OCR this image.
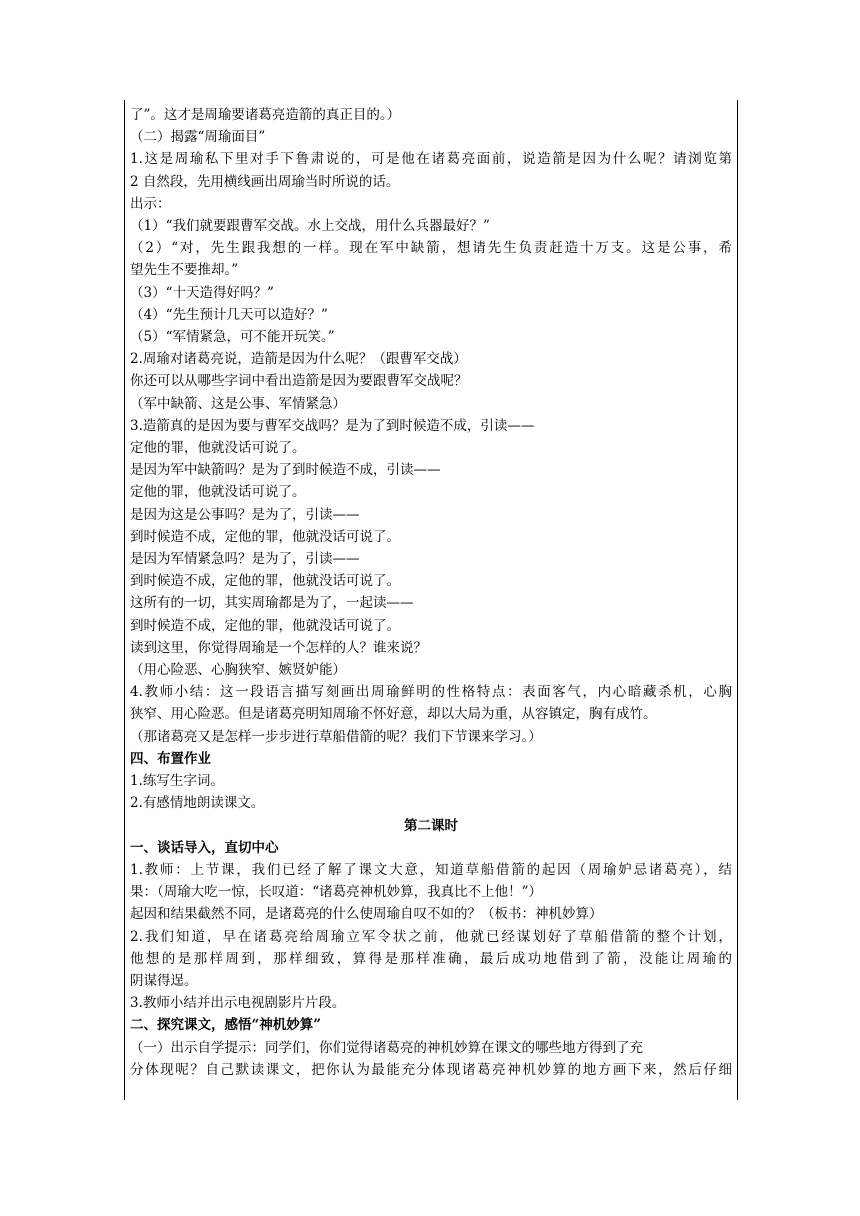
了”。这才是周瑜要诸葛亮造箭的真正目的。）

（二）揭露“周瑜面目”

1.这是周瑜私下里对手下鲁肃说的，可是他在诸葛亮面前，说造箭是因为什么呢？请浏览第

2 自然段，先用横线画出周瑜当时所说的话。

出示：

（1）“我们就要跟曹军交战。水上交战，用什么兵器最好？”

（2）“对，先生跟我想的一样。现在军中缺箭，想请先生负责赶造十万支。这是公事，希

望先生不要推却。”

（3）“十天造得好吗？”

（4）“先生预计几天可以造好？”

（5）“军情紧急，可不能开玩笑。”

2.周瑜对诸葛亮说，造箭是因为什么呢？（跟曹军交战）

你还可以从哪些字词中看出造箭是因为要跟曹军交战呢？

（军中缺箭、这是公事、军情紧急）

3.造箭真的是因为要与曹军交战吗？是为了到时候造不成，引读——

定他的罪，他就没话可说了。

是因为军中缺箭吗？是为了到时候造不成，引读——

定他的罪，他就没话可说了。

是因为这是公事吗？是为了，引读——

到时候造不成，定他的罪，他就没话可说了。

是因为军情紧急吗？是为了，引读——

到时候造不成，定他的罪，他就没话可说了。

这所有的一切，其实周瑜都是为了，一起读——

到时候造不成，定他的罪，他就没话可说了。

读到这里，你觉得周瑜是一个怎样的人？谁来说？

（用心险恶、心胸狭窄、嫉贤妒能）

4.教师小结：这一段语言描写刻画出周瑜鲜明的性格特点：表面客气，内心暗藏杀机，心胸

狭窄、用心险恶。但是诸葛亮明知周瑜不怀好意，却以大局为重，从容镇定，胸有成竹。

（那诸葛亮又是怎样一步步进行草船借箭的呢？我们下节课来学习。）

四、布置作业

1.练写生字词。

2.有感情地朗读课文。

第二课时

一、谈话导入，直切中心

1.教师：上节课，我们已经了解了课文大意，知道草船借箭的起因（周瑜妒忌诸葛亮），结

果：（周瑜大吃一惊，长叹道：“诸葛亮神机妙算，我真比不上他！”）

起因和结果截然不同，是诸葛亮的什么使周瑜自叹不如的？（板书：神机妙算）

2.我们知道，早在诸葛亮给周瑜立军令状之前，他就已经谋划好了草船借箭的整个计划，

他想的是那样周到，那样细致，算得是那样准确，最后成功地借到了箭，没能让周瑜的

阴谋得逞。

3.教师小结并出示电视剧影片片段。

二、探究课文，感悟“神机妙算”

（一）出示自学提示：同学们，你们觉得诸葛亮的神机妙算在课文的哪些地方得到了充

分体现呢？自己默读课文，把你认为最能充分体现诸葛亮神机妙算的地方画下来，然后仔细
